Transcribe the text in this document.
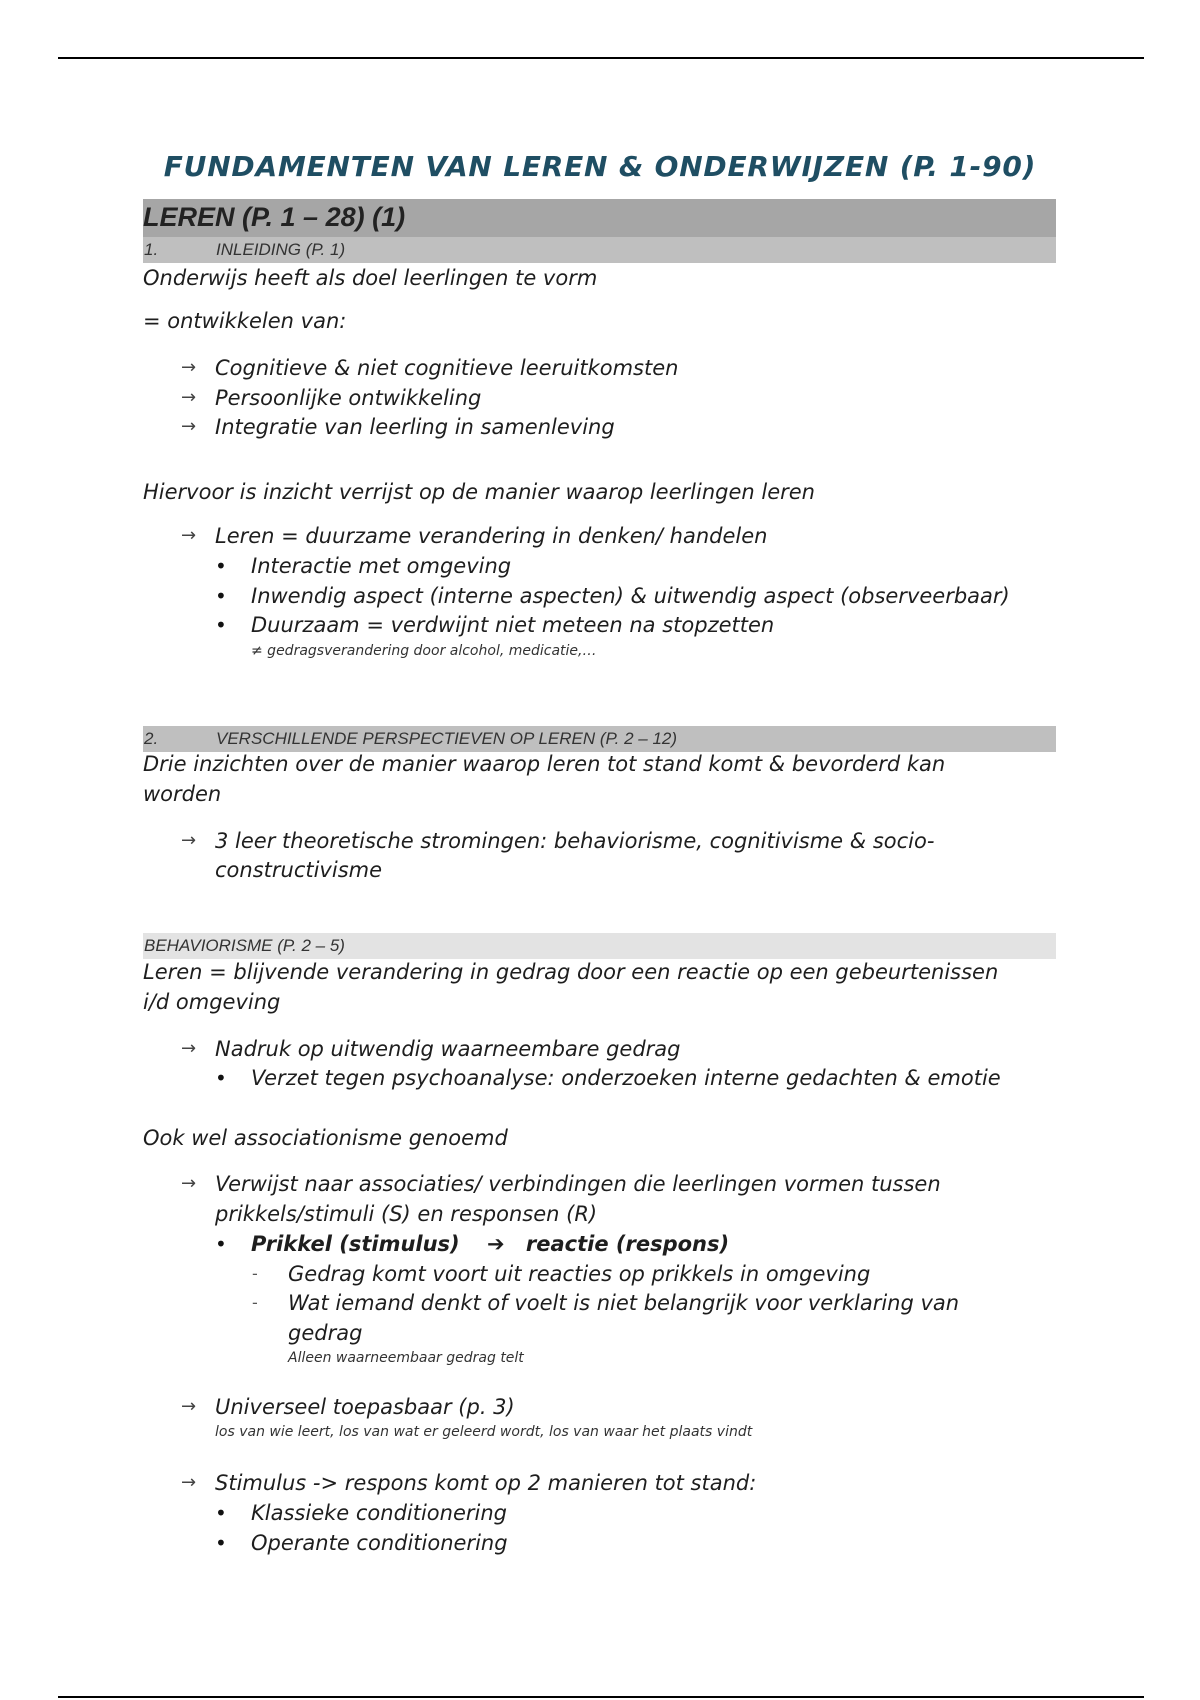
FUNDAMENTEN VAN LEREN & ONDERWIJZEN (P. 1-90)
LEREN (P. 1 – 28) (1)
1.	INLEIDING (P. 1)
Onderwijs heeft als doel leerlingen te vorm
= ontwikkelen van:
→ Cognitieve & niet cognitieve leeruitkomsten
→ Persoonlijke ontwikkeling
→ Integratie van leerling in samenleving
Hiervoor is inzicht verrijst op de manier waarop leerlingen leren
→ Leren = duurzame verandering in denken/ handelen
• Interactie met omgeving
• Inwendig aspect (interne aspecten) & uitwendig aspect (observeerbaar)
• Duurzaam = verdwijnt niet meteen na stopzetten
≠ gedragsverandering door alcohol, medicatie,…
2.	VERSCHILLENDE PERSPECTIEVEN OP LEREN (P. 2 – 12)
Drie inzichten over de manier waarop leren tot stand komt & bevorderd kan
worden
→ 3 leer theoretische stromingen: behaviorisme, cognitivisme & socio-
constructivisme
BEHAVIORISME (P. 2 – 5)
Leren = blijvende verandering in gedrag door een reactie op een gebeurtenissen
i/d omgeving
→ Nadruk op uitwendig waarneembare gedrag
• Verzet tegen psychoanalyse: onderzoeken interne gedachten & emotie
Ook wel associationisme genoemd
→ Verwijst naar associaties/ verbindingen die leerlingen vormen tussen
prikkels/stimuli (S) en responsen (R)
• Prikkel (stimulus) ➔ reactie (respons)
- Gedrag komt voort uit reacties op prikkels in omgeving
- Wat iemand denkt of voelt is niet belangrijk voor verklaring van
gedrag
Alleen waarneembaar gedrag telt
→ Universeel toepasbaar (p. 3)
los van wie leert, los van wat er geleerd wordt, los van waar het plaats vindt
→ Stimulus -> respons komt op 2 manieren tot stand:
• Klassieke conditionering
• Operante conditionering
